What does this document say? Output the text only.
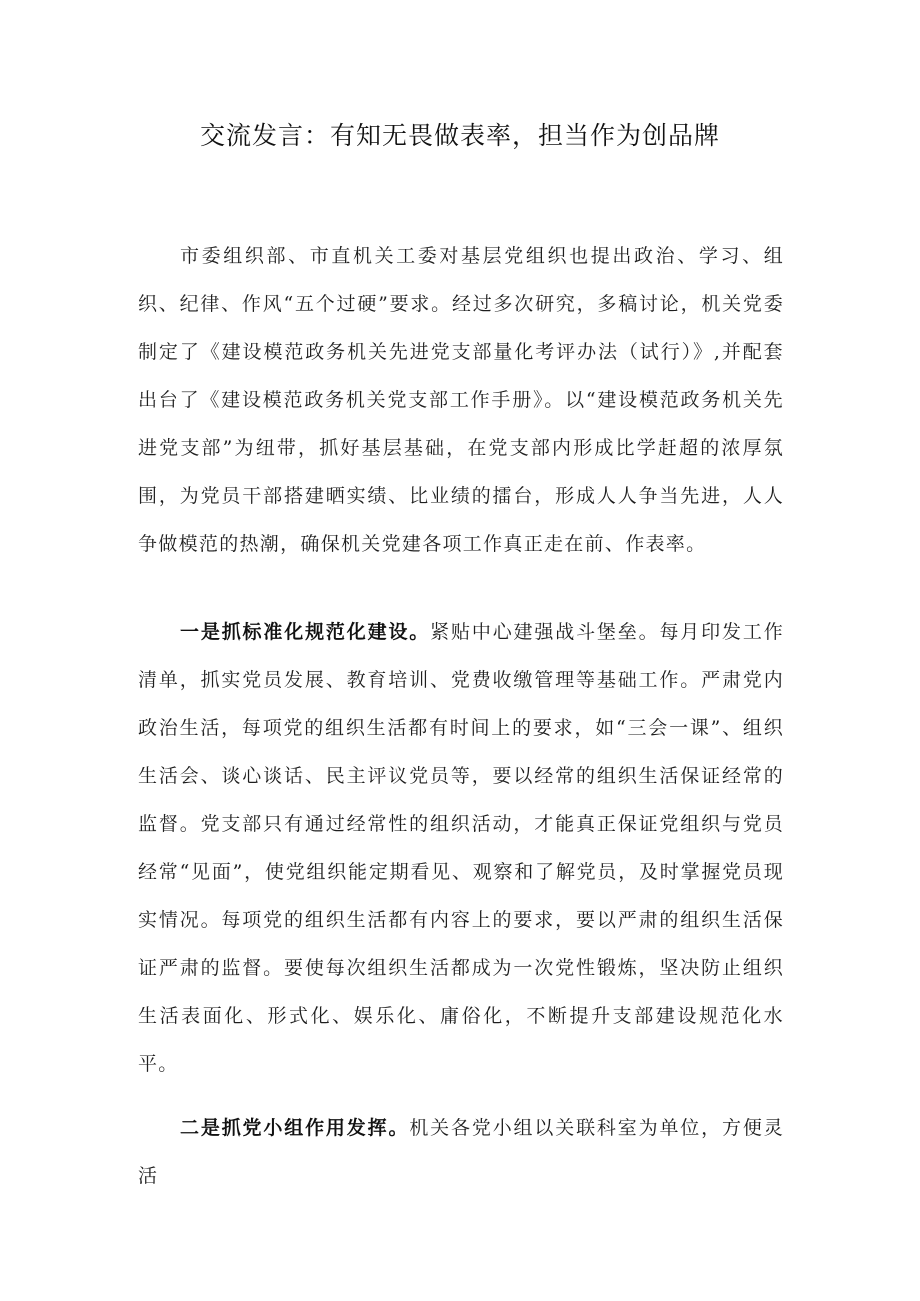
交流发言：有知无畏做表率，担当作为创品牌

市委组织部、市直机关工委对基层党组织也提出政治、学习、组织、纪律、作风“五个过硬”要求。经过多次研究，多稿讨论，机关党委制定了《建设模范政务机关先进党支部量化考评办法（试行）》,并配套出台了《建设模范政务机关党支部工作手册》。以“建设模范政务机关先进党支部”为纽带，抓好基层基础，在党支部内形成比学赶超的浓厚氛围，为党员干部搭建晒实绩、比业绩的擂台，形成人人争当先进，人人争做模范的热潮，确保机关党建各项工作真正走在前、作表率。

一是抓标准化规范化建设。紧贴中心建强战斗堡垒。每月印发工作清单，抓实党员发展、教育培训、党费收缴管理等基础工作。严肃党内政治生活，每项党的组织生活都有时间上的要求，如“三会一课”、组织生活会、谈心谈话、民主评议党员等，要以经常的组织生活保证经常的监督。党支部只有通过经常性的组织活动，才能真正保证党组织与党员经常“见面”，使党组织能定期看见、观察和了解党员，及时掌握党员现实情况。每项党的组织生活都有内容上的要求，要以严肃的组织生活保证严肃的监督。要使每次组织生活都成为一次党性锻炼，坚决防止组织生活表面化、形式化、娱乐化、庸俗化，不断提升支部建设规范化水平。

二是抓党小组作用发挥。机关各党小组以关联科室为单位，方便灵活
